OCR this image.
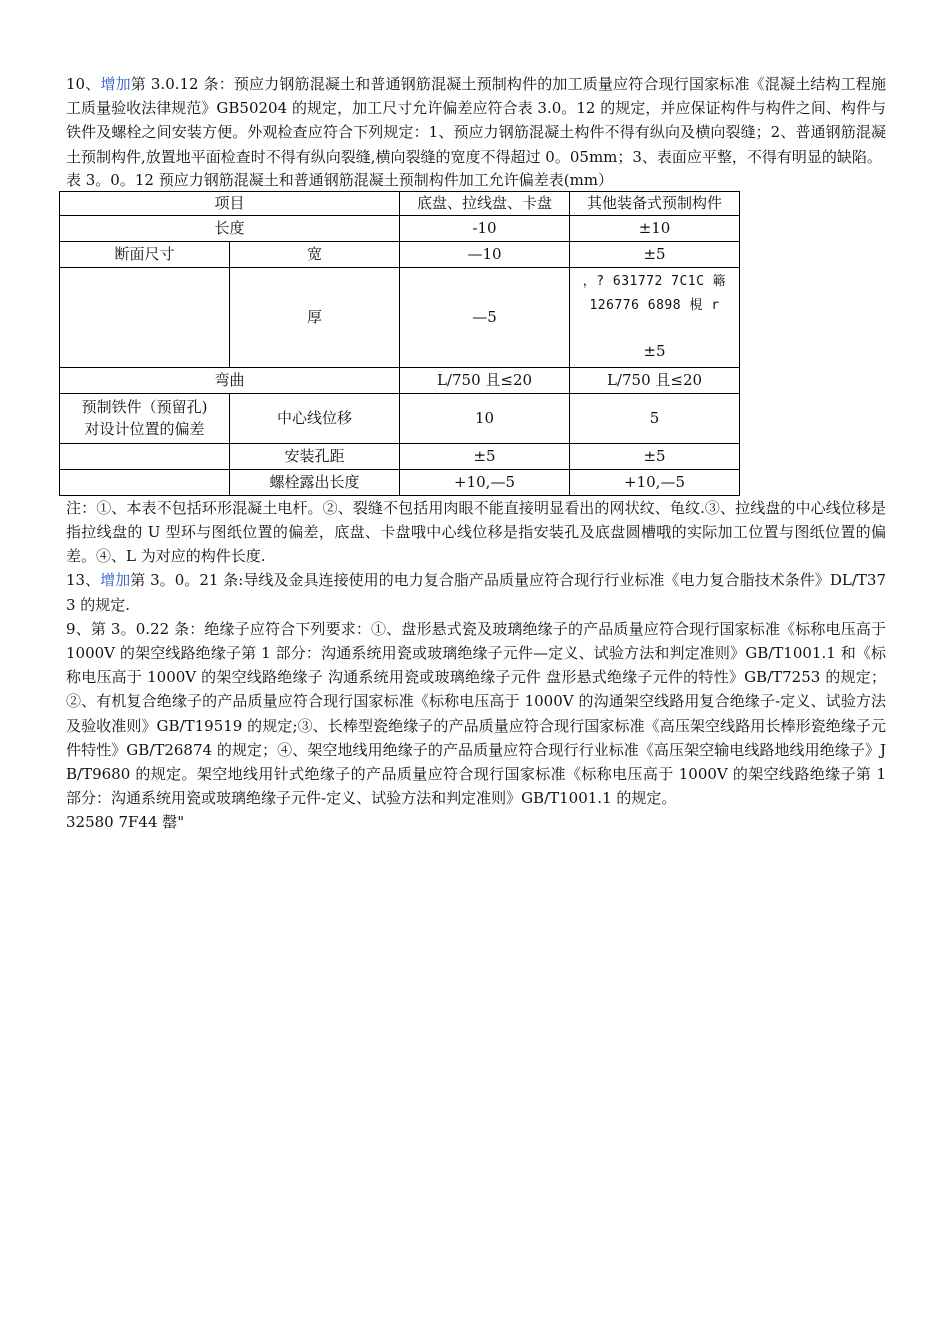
10、增加第 3.0.12 条：预应力钢筋混凝土和普通钢筋混凝土预制构件的加工质量应符合现行国家标准《混凝土结构工程施工质量验收法律规范》GB50204 的规定，加工尺寸允许偏差应符合表 3.0。12 的规定，并应保证构件与构件之间、构件与铁件及螺栓之间安装方便。外观检查应符合下列规定：1、预应力钢筋混凝土构件不得有纵向及横向裂缝；2、普通钢筋混凝土预制构件,放置地平面检查时不得有纵向裂缝,横向裂缝的宽度不得超过 0。05mm；3、表面应平整，不得有明显的缺陷。

表 3。0。12 预应力钢筋混凝土和普通钢筋混凝土预制构件加工允许偏差表(mm）

项目		底盘、拉线盘、卡盘	其他装备式预制构件
长度		-10	±10
断面尺寸	宽	—10	±5
	厚	—5	，? 631772 7C1C 簵
126776 6898 梘 r
±5

弯曲		L/750 且≤20	L/750 且≤20

预制铁件（预留孔)
对设计位置的偏差	中心线位移	10	5
	安装孔距	±5	±5
	螺栓露出长度	+10,—5	+10,—5

注：①、本表不包括环形混凝土电杆。②、裂缝不包括用肉眼不能直接明显看出的网状纹、龟纹.③、拉线盘的中心线位移是指拉线盘的 U 型环与图纸位置的偏差，底盘、卡盘哦中心线位移是指安装孔及底盘圆槽哦的实际加工位置与图纸位置的偏差。④、L 为对应的构件长度.

13、增加第 3。0。21 条:导线及金具连接使用的电力复合脂产品质量应符合现行行业标准《电力复合脂技术条件》DL/T373 的规定.

9、第 3。0.22 条：绝缘子应符合下列要求：①、盘形悬式瓷及玻璃绝缘子的产品质量应符合现行国家标准《标称电压高于 1000V 的架空线路绝缘子第 1 部分：沟通系统用瓷或玻璃绝缘子元件—定义、试验方法和判定准则》GB/T1001.1 和《标称电压高于 1000V 的架空线路绝缘子 沟通系统用瓷或玻璃绝缘子元件 盘形悬式绝缘子元件的特性》GB/T7253 的规定；②、有机复合绝缘子的产品质量应符合现行国家标准《标称电压高于 1000V 的沟通架空线路用复合绝缘子-定义、试验方法及验收准则》GB/T19519 的规定;③、长棒型瓷绝缘子的产品质量应符合现行国家标准《高压架空线路用长棒形瓷绝缘子元件特性》GB/T26874 的规定；④、架空地线用绝缘子的产品质量应符合现行行业标准《高压架空输电线路地线用绝缘子》JB/T9680 的规定。架空地线用针式绝缘子的产品质量应符合现行国家标准《标称电压高于 1000V 的架空线路绝缘子第 1 部分：沟通系统用瓷或玻璃绝缘子元件-定义、试验方法和判定准则》GB/T1001.1 的规定。

32580 7F44 罄"
